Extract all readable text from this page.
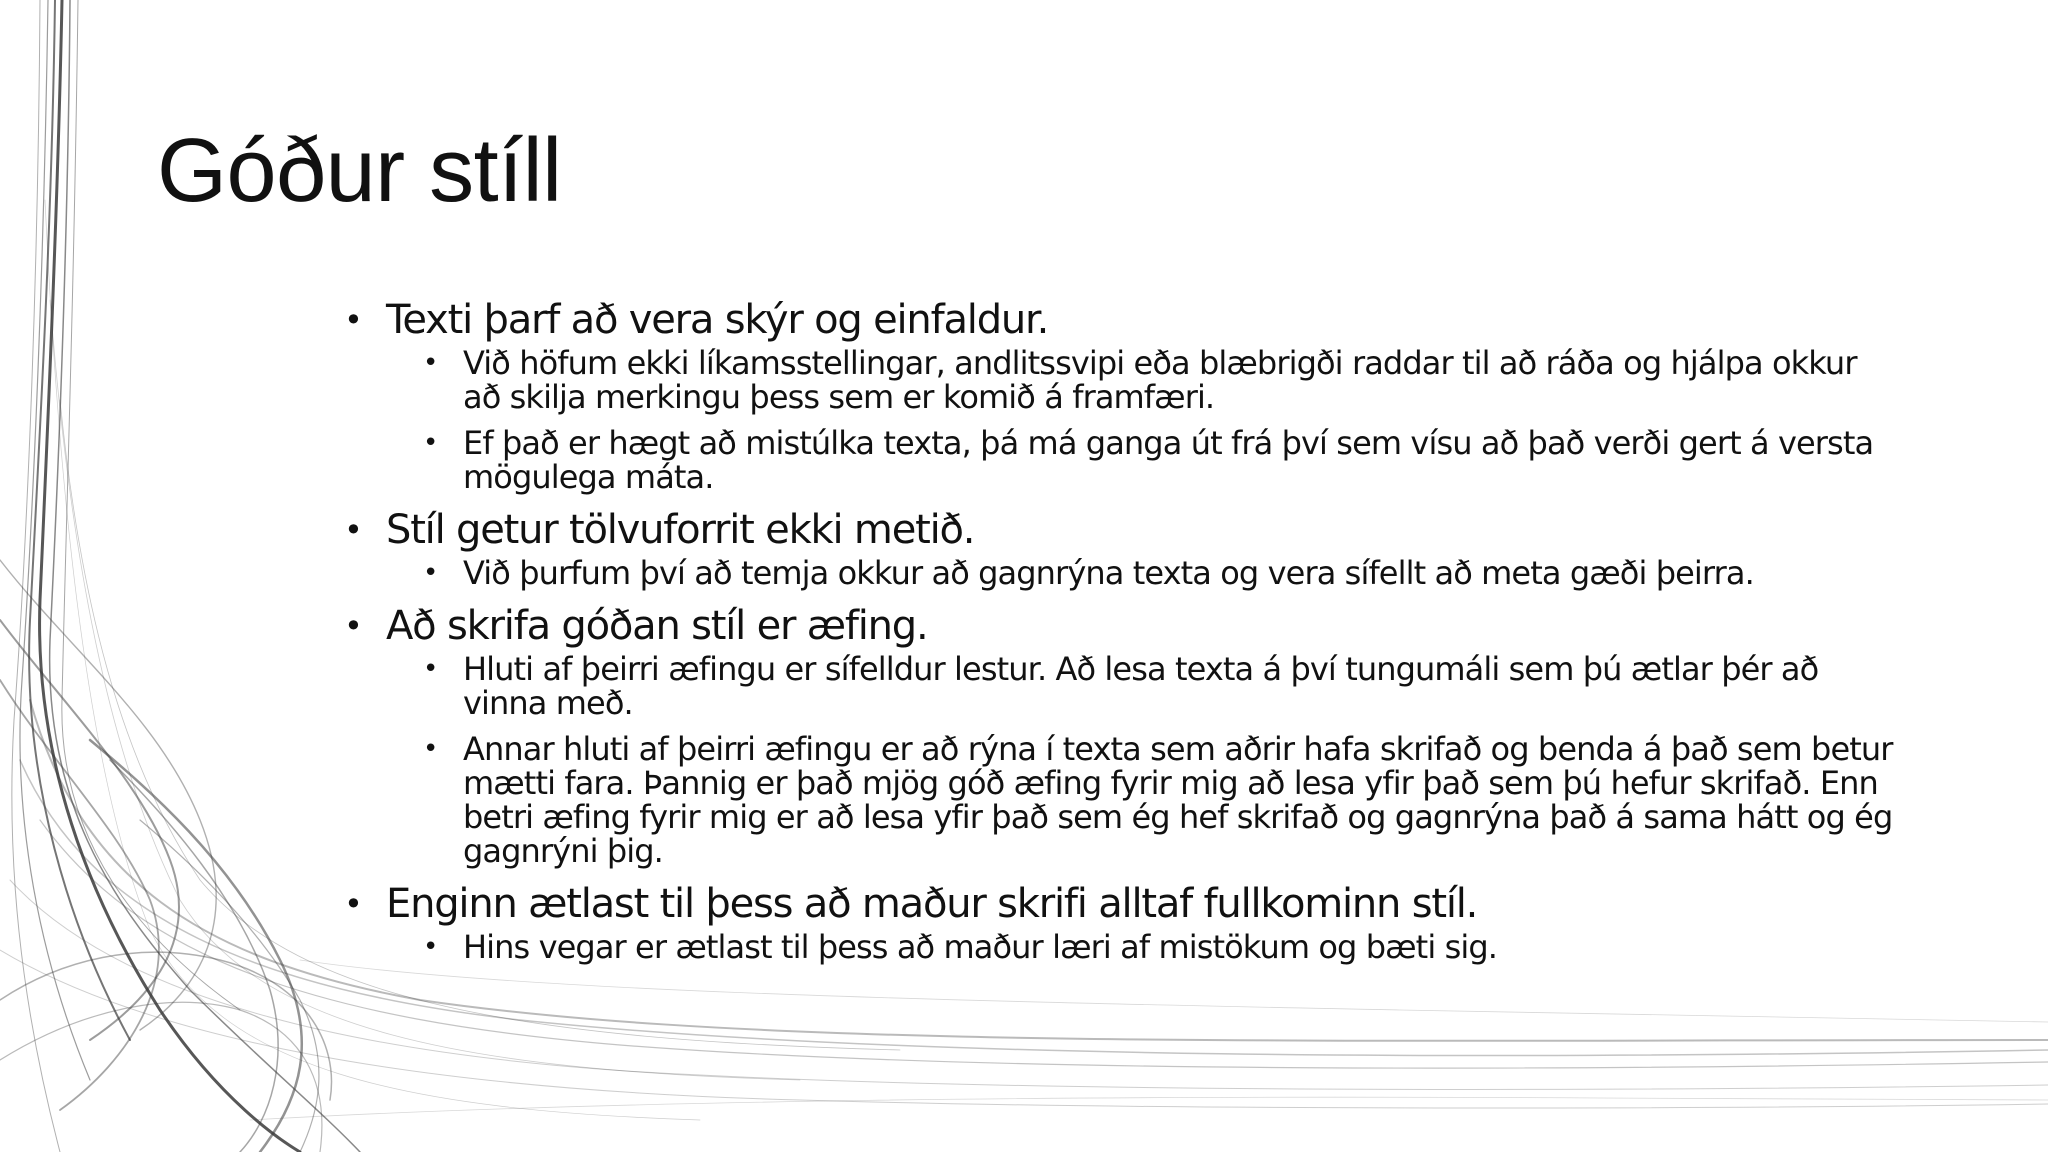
Góður stíll
• Texti þarf að vera skýr og einfaldur.
• Við höfum ekki líkamsstellingar, andlitssvipi eða blæbrigði raddar til að ráða og hjálpa okkur að skilja merkingu þess sem er komið á framfæri.
• Ef það er hægt að mistúlka texta, þá má ganga út frá því sem vísu að það verði gert á versta mögulega máta.
• Stíl getur tölvuforrit ekki metið.
• Við þurfum því að temja okkur að gagnrýna texta og vera sífellt að meta gæði þeirra.
• Að skrifa góðan stíl er æfing.
• Hluti af þeirri æfingu er sífelldur lestur. Að lesa texta á því tungumáli sem þú ætlar þér að vinna með.
• Annar hluti af þeirri æfingu er að rýna í texta sem aðrir hafa skrifað og benda á það sem betur mætti fara. Þannig er það mjög góð æfing fyrir mig að lesa yfir það sem þú hefur skrifað. Enn betri æfing fyrir mig er að lesa yfir það sem ég hef skrifað og gagnrýna það á sama hátt og ég gagnrýni þig.
• Enginn ætlast til þess að maður skrifi alltaf fullkominn stíl.
• Hins vegar er ætlast til þess að maður læri af mistökum og bæti sig.
